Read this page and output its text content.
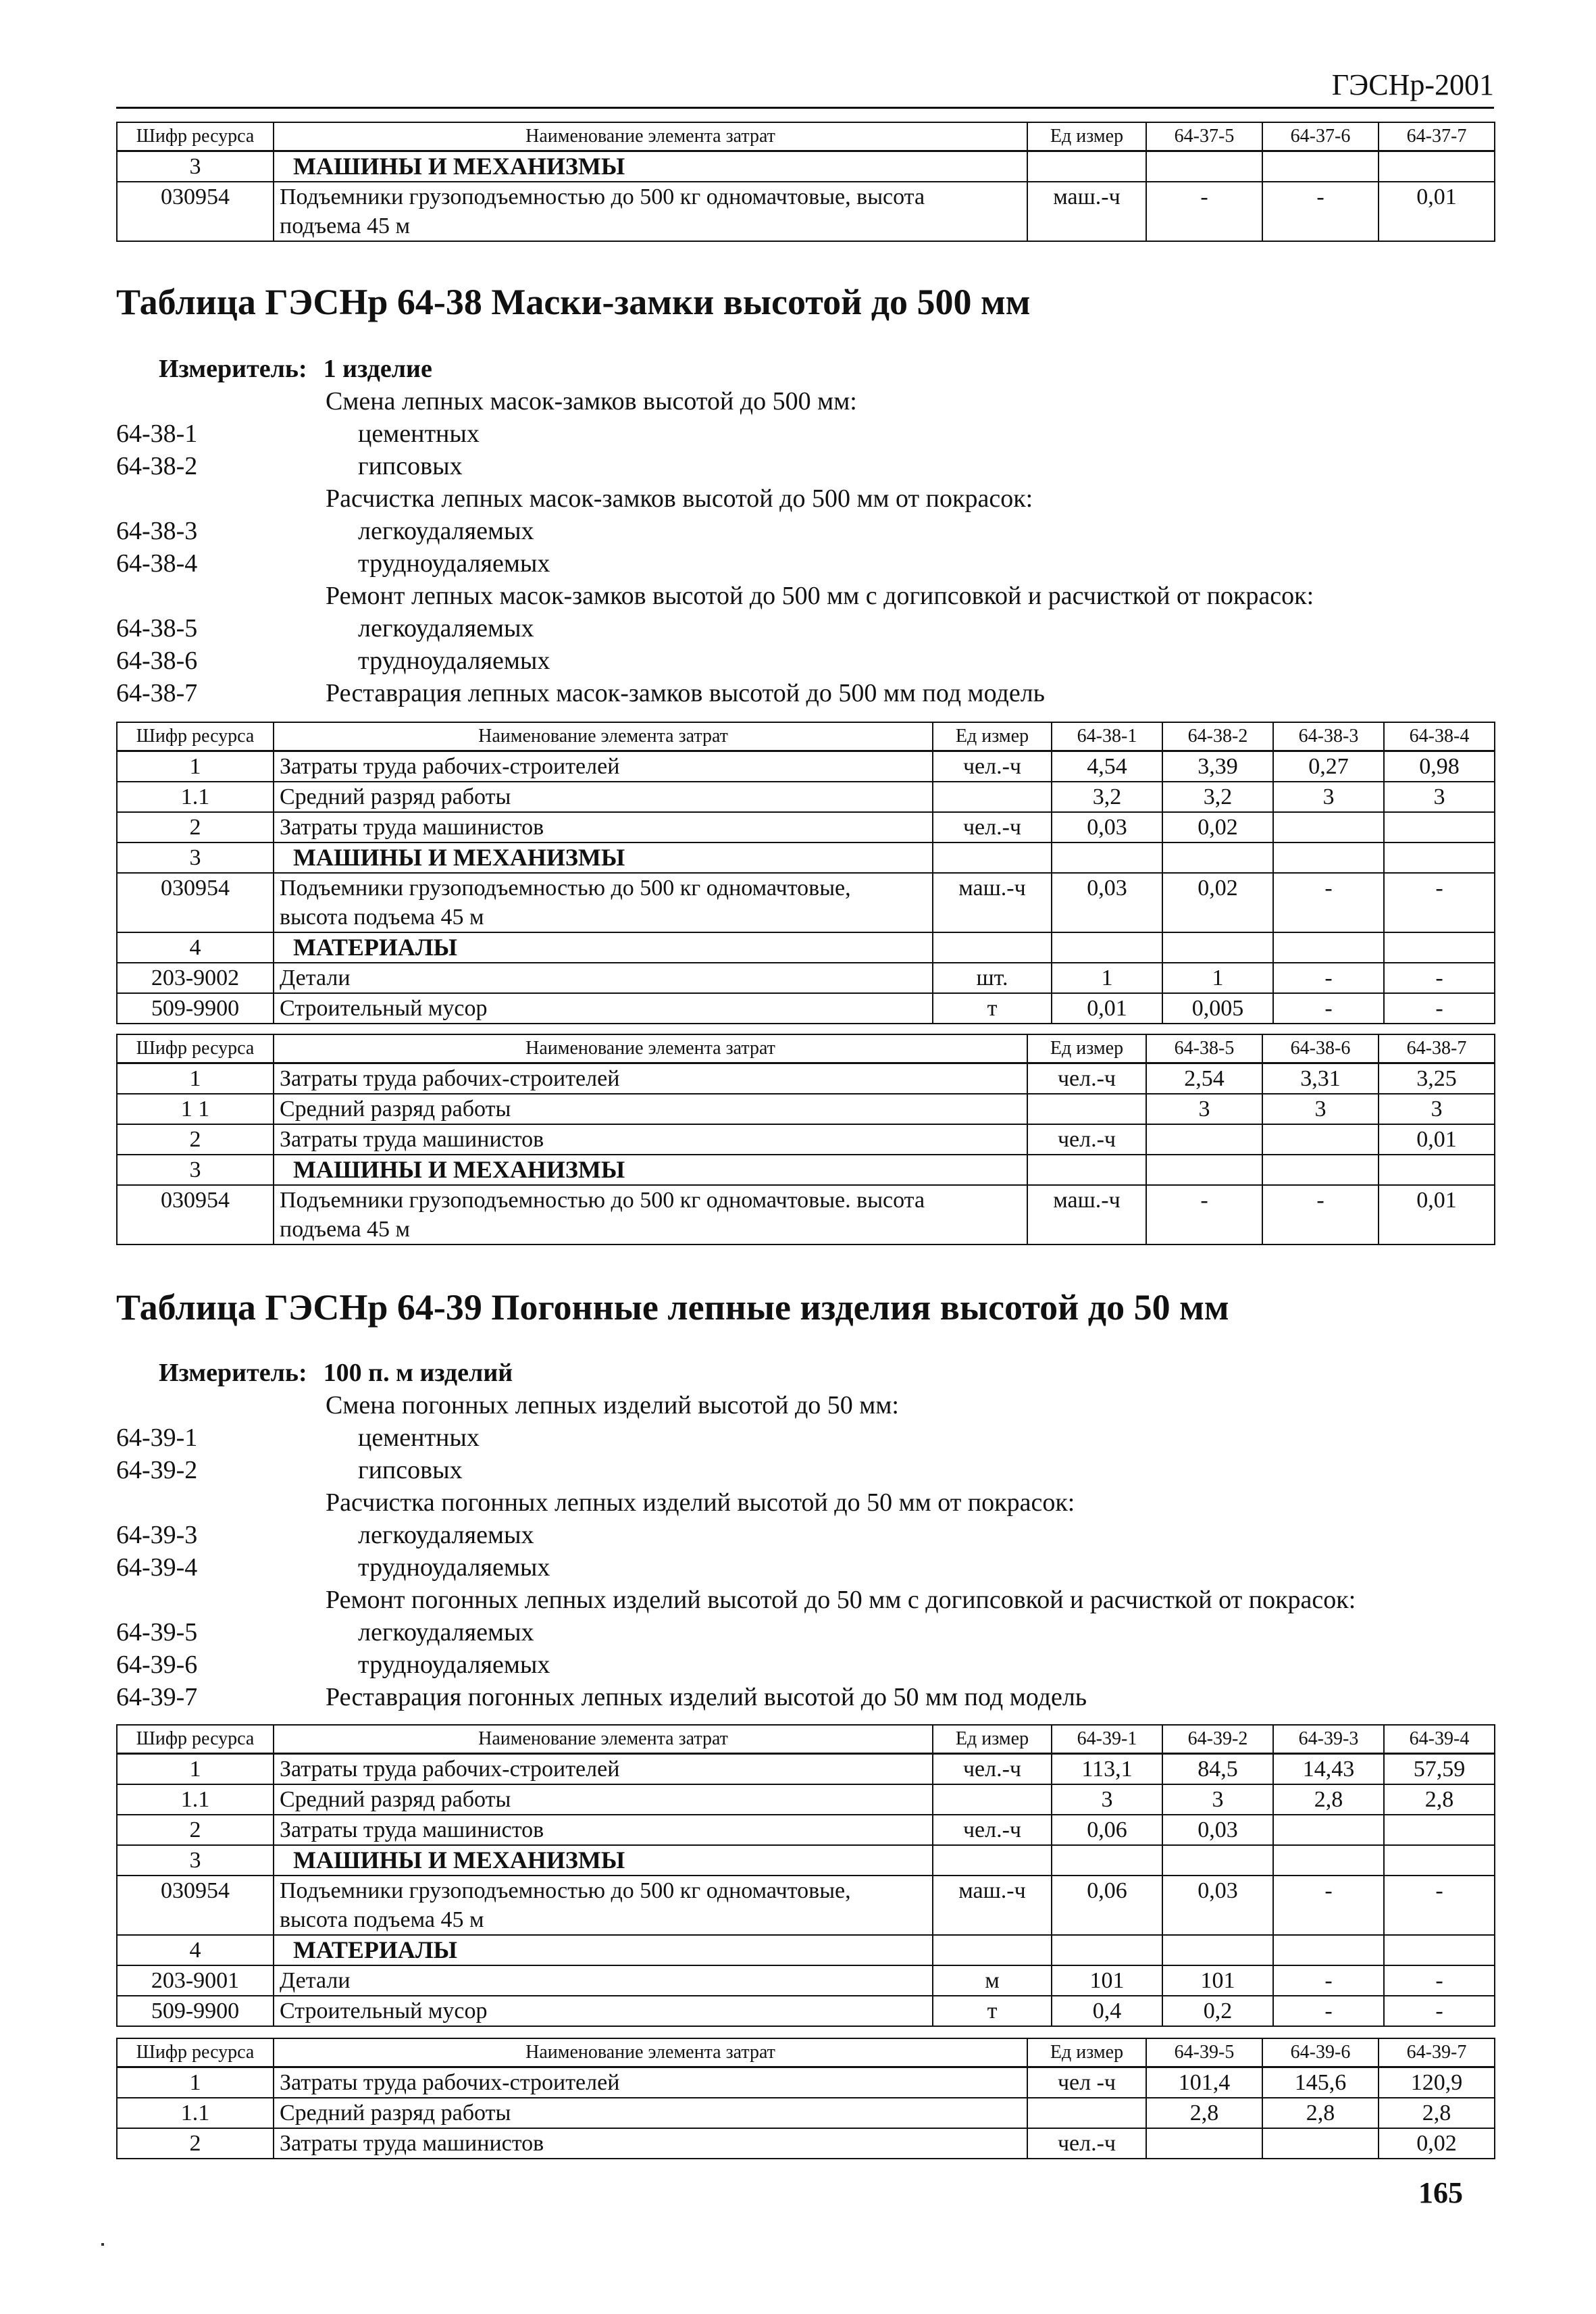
ГЭСНр-2001
Шифр ресурса	Наименование элемента затрат	Ед измер	64-37-5	64-37-6	64-37-7
3	МАШИНЫ И МЕХАНИЗМЫ				
030954	Подъемники грузоподъемностью до 500 кг одномачтовые, высота	маш.-ч	-	-	0,01
	подъема 45 м				
Таблица ГЭСНр 64-38 Маски-замки высотой до 500 мм
Измеритель: 1 изделие
Смена лепных масок-замков высотой до 500 мм:
64-38-1	цементных
64-38-2	гипсовых
Расчистка лепных масок-замков высотой до 500 мм от покрасок:
64-38-3	легкоудаляемых
64-38-4	трудноудаляемых
Ремонт лепных масок-замков высотой до 500 мм с догипсовкой и расчисткой от покрасок:
64-38-5	легкоудаляемых
64-38-6	трудноудаляемых
64-38-7	Реставрация лепных масок-замков высотой до 500 мм под модель
Шифр ресурса	Наименование элемента затрат	Ед измер	64-38-1	64-38-2	64-38-3	64-38-4
1	Затраты труда рабочих-строителей	чел.-ч	4,54	3,39	0,27	0,98
1.1	Средний разряд работы		3,2	3,2	3	3
2	Затраты труда машинистов	чел.-ч	0,03	0,02		
3	МАШИНЫ И МЕХАНИЗМЫ					
030954	Подъемники грузоподъемностью до 500 кг одномачтовые,	маш.-ч	0,03	0,02	-	-
	высота подъема 45 м					
4	МАТЕРИАЛЫ					
203-9002	Детали	шт.	1	1	-	-
509-9900	Строительный мусор	т	0,01	0,005	-	-
Шифр ресурса	Наименование элемента затрат	Ед измер	64-38-5	64-38-6	64-38-7
1	Затраты труда рабочих-строителей	чел.-ч	2,54	3,31	3,25
1 1	Средний разряд работы		3	3	3
2	Затраты труда машинистов	чел.-ч			0,01
3	МАШИНЫ И МЕХАНИЗМЫ				
030954	Подъемники грузоподъемностью до 500 кг одномачтовые. высота	маш.-ч	-	-	0,01
	подъема 45 м				
Таблица ГЭСНр 64-39 Погонные лепные изделия высотой до 50 мм
Измеритель: 100 п. м изделий
Смена погонных лепных изделий высотой до 50 мм:
64-39-1	цементных
64-39-2	гипсовых
Расчистка погонных лепных изделий высотой до 50 мм от покрасок:
64-39-3	легкоудаляемых
64-39-4	трудноудаляемых
Ремонт погонных лепных изделий высотой до 50 мм с догипсовкой и расчисткой от покрасок:
64-39-5	легкоудаляемых
64-39-6	трудноудаляемых
64-39-7	Реставрация погонных лепных изделий высотой до 50 мм под модель
Шифр ресурса	Наименование элемента затрат	Ед измер	64-39-1	64-39-2	64-39-3	64-39-4
1	Затраты труда рабочих-строителей	чел.-ч	113,1	84,5	14,43	57,59
1.1	Средний разряд работы		3	3	2,8	2,8
2	Затраты труда машинистов	чел.-ч	0,06	0,03		
3	МАШИНЫ И МЕХАНИЗМЫ					
030954	Подъемники грузоподъемностью до 500 кг одномачтовые,	маш.-ч	0,06	0,03	-	-
	высота подъема 45 м					
4	МАТЕРИАЛЫ					
203-9001	Детали	м	101	101	-	-
509-9900	Строительный мусор	т	0,4	0,2	-	-
Шифр ресурса	Наименование элемента затрат	Ед измер	64-39-5	64-39-6	64-39-7
1	Затраты труда рабочих-строителей	чел -ч	101,4	145,6	120,9
1.1	Средний разряд работы		2,8	2,8	2,8
2	Затраты труда машинистов	чел.-ч			0,02
165
